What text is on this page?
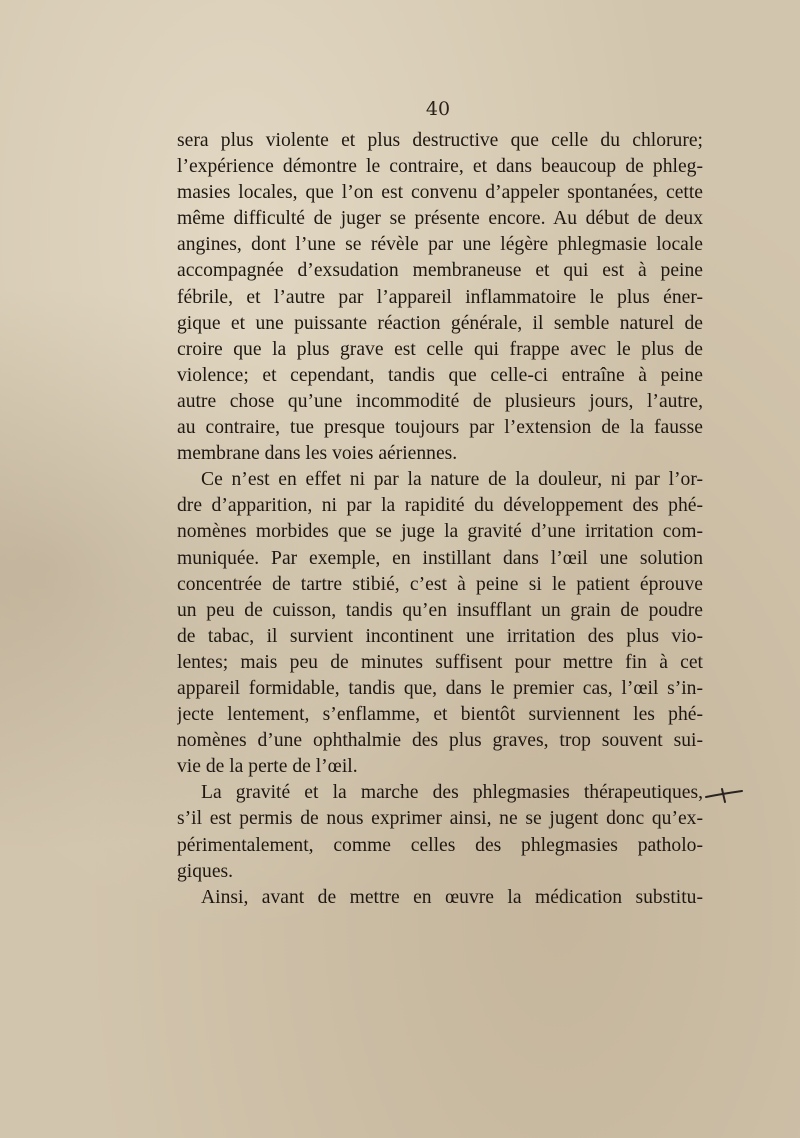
40
sera plus violente et plus destructive que celle du chlorure;
l’expérience démontre le contraire, et dans beaucoup de phleg-
masies locales, que l’on est convenu d’appeler spontanées, cette
même difficulté de juger se présente encore. Au début de deux
angines, dont l’une se révèle par une légère phlegmasie locale
accompagnée d’exsudation membraneuse et qui est à peine
fébrile, et l’autre par l’appareil inflammatoire le plus éner-
gique et une puissante réaction générale, il semble naturel de
croire que la plus grave est celle qui frappe avec le plus de
violence; et cependant, tandis que celle-ci entraîne à peine
autre chose qu’une incommodité de plusieurs jours, l’autre,
au contraire, tue presque toujours par l’extension de la fausse
membrane dans les voies aériennes.
Ce n’est en effet ni par la nature de la douleur, ni par l’or-
dre d’apparition, ni par la rapidité du développement des phé-
nomènes morbides que se juge la gravité d’une irritation com-
muniquée. Par exemple, en instillant dans l’œil une solution
concentrée de tartre stibié, c’est à peine si le patient éprouve
un peu de cuisson, tandis qu’en insufflant un grain de poudre
de tabac, il survient incontinent une irritation des plus vio-
lentes; mais peu de minutes suffisent pour mettre fin à cet
appareil formidable, tandis que, dans le premier cas, l’œil s’in-
jecte lentement, s’enflamme, et bientôt surviennent les phé-
nomènes d’une ophthalmie des plus graves, trop souvent sui-
vie de la perte de l’œil.
La gravité et la marche des phlegmasies thérapeutiques,
s’il est permis de nous exprimer ainsi, ne se jugent donc qu’ex-
périmentalement, comme celles des phlegmasies patholo-
giques.
Ainsi, avant de mettre en œuvre la médication substitu-
